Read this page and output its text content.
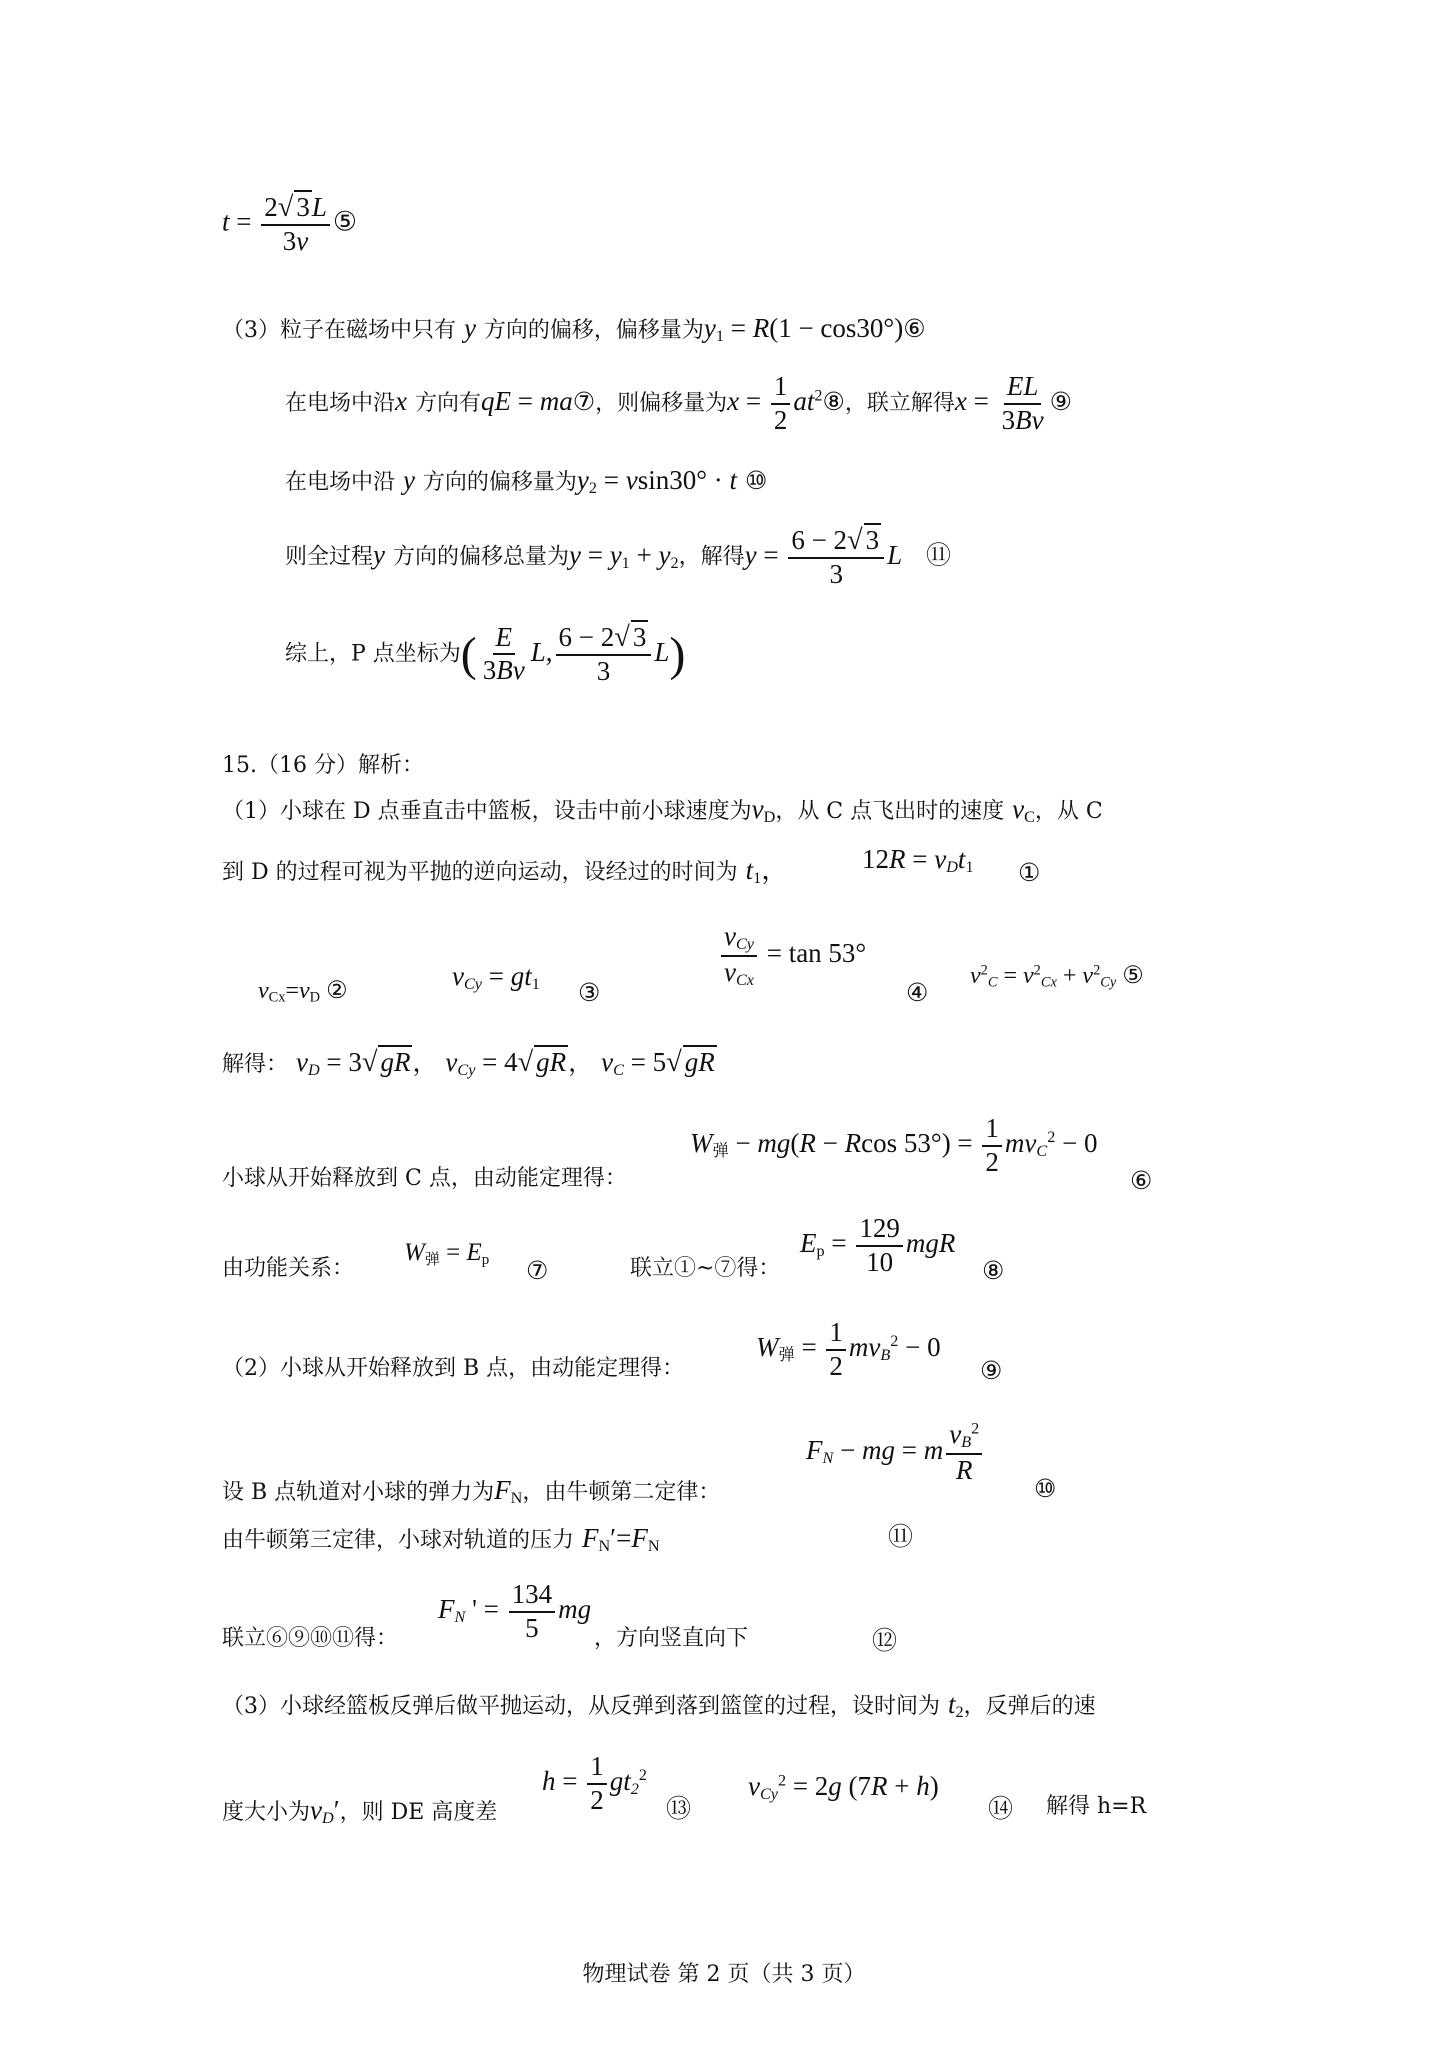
$t = \frac{2√ 3L}{3v}$ ⑤
（3）粒子在磁场中只有 y 方向的偏移，偏移量为$y_1 = R(1$ − cos30°)⑥
在电场中沿x 方向有qE = ma⑦，则偏移量为$x = \frac{1}{2}$ $at^2⑧$，联立解得$x = \frac{EL}{3Bv}$ ⑨
在电场中沿 y 方向的偏移量为$y_2 = vsin30^\circ \cdot t$ ⑩
则全过程y 方向的偏移总量为$y = y_1 + y_2$，解得$y = \frac{6 - 2√ 3}{3}$ L   ⑪
综上，P 点坐标为( $\frac{E}{3Bv} L$, $\frac{6 - 2√ 3}{3} L$)
15.（16 分）解析：
（1）小球在 D 点垂直击中篮板，设击中前小球速度为$v_D$，从 C 点飞出时的速度 $v_C$，从 C
到 D 的过程可视为平抛的逆向运动，设经过的时间为 $t_1$，	$12R = v_Dt_1$ ①
$v_{Cx}=v_D$ ②	$v_{Cy} = gt_1$ ③
$\frac{v_{Cy}}{v_{Cx}} = \tan 53^\circ$
④
$v^2_C = v^2_{Cx} + v^2_{Cy}$ ⑤
解得： $v_D = 3√$ gR， $v_{Cy} = 4√$ gR， $v_C = 5√$ gR
小球从开始释放到 C 点，由动能定理得：
$W_弹 - mg(R - Rcos$ $53^\circ) = \frac{1}{2} mv_C^2 - 0$
⑥
由功能关系：
$W_弹 = E_p$ ⑦	联立①~⑦得：
$E_p = \frac{129}{10}$ mgR
⑧
（2）小球从开始释放到 B 点，由动能定理得：
$W_弹 = \frac{1}{2} mv_B^2 - 0$
⑨
设 B 点轨道对小球的弹力为$F_N$，由牛顿第二定律：
$F_N$ − mg = m $\frac{v_B^2}{R}$
⑩
由牛顿第三定律，小球对轨道的压力 $F_N'=F_N$	⑪
联立⑥⑨⑩⑪得：
$F_N$ ' = $\frac{134}{5}$ mg
，方向竖直向下	⑫
（3）小球经篮板反弹后做平抛运动，从反弹到落到篮筐的过程，设时间为 $t_2$，反弹后的速
度大小为$v_D'$，则 DE 高度差
$h = \frac{1}{2} gt_2^2$
⑬
$v_{Cy}^2 = 2g$ (7R + h)
⑭ 解得 h=R
物理试卷 第 2 页（共 3 页）
